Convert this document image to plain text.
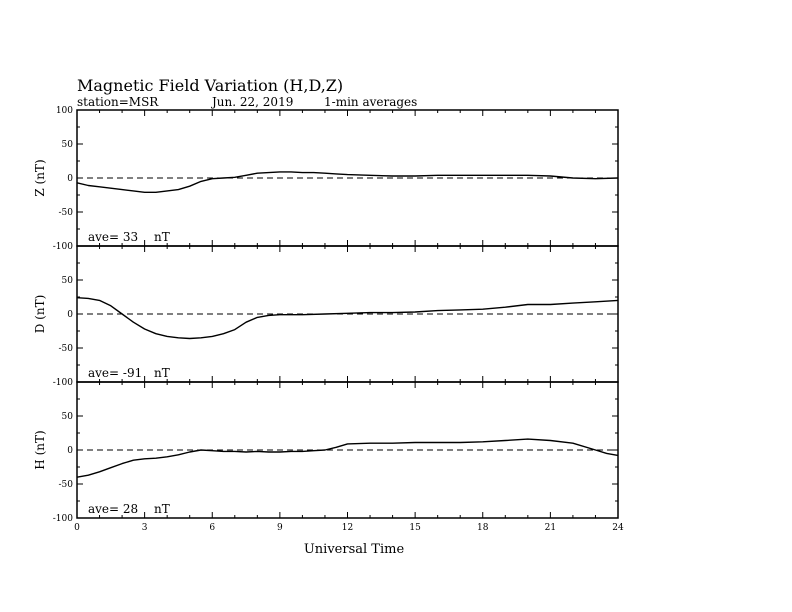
Magnetic Field Variation (H,D,Z)
station=MSR	Jun. 22, 2019	1-min averages
100
50
0
-50
-100
Z (nT)
ave= 33 nT
50
0
-50
-100
D (nT)
ave= -91 nT
50
0
-50
-100
H (nT)
ave= 28 nT
0	3	6	9	12	15	18	21	24
Universal Time
